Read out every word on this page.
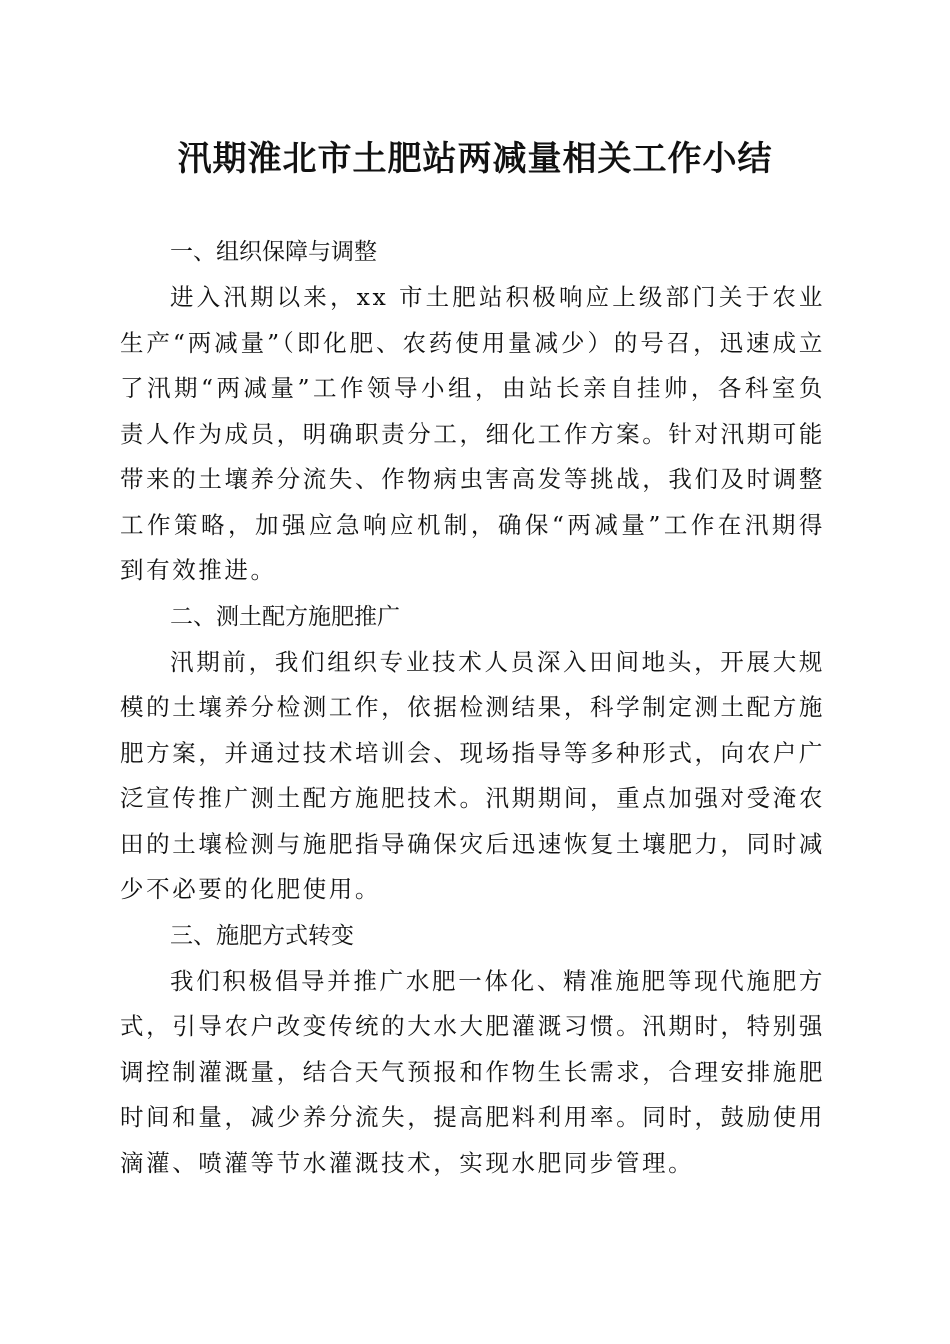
汛期淮北市土肥站两减量相关工作小结
一、组织保障与调整

进入汛期以来，xx 市土肥站积极响应上级部门关于农业生产“两减量”（即化肥、农药使用量减少）的号召，迅速成立了汛期“两减量”工作领导小组，由站长亲自挂帅，各科室负责人作为成员，明确职责分工，细化工作方案。针对汛期可能带来的土壤养分流失、作物病虫害高发等挑战，我们及时调整工作策略，加强应急响应机制，确保“两减量”工作在汛期得到有效推进。

二、测土配方施肥推广

汛期前，我们组织专业技术人员深入田间地头，开展大规模的土壤养分检测工作，依据检测结果，科学制定测土配方施肥方案，并通过技术培训会、现场指导等多种形式，向农户广泛宣传推广测土配方施肥技术。汛期期间，重点加强对受淹农田的土壤检测与施肥指导确保灾后迅速恢复土壤肥力，同时减少不必要的化肥使用。

三、施肥方式转变

我们积极倡导并推广水肥一体化、精准施肥等现代施肥方式，引导农户改变传统的大水大肥灌溉习惯。汛期时，特别强调控制灌溉量，结合天气预报和作物生长需求，合理安排施肥时间和量，减少养分流失，提高肥料利用率。同时，鼓励使用滴灌、喷灌等节水灌溉技术，实现水肥同步管理。
